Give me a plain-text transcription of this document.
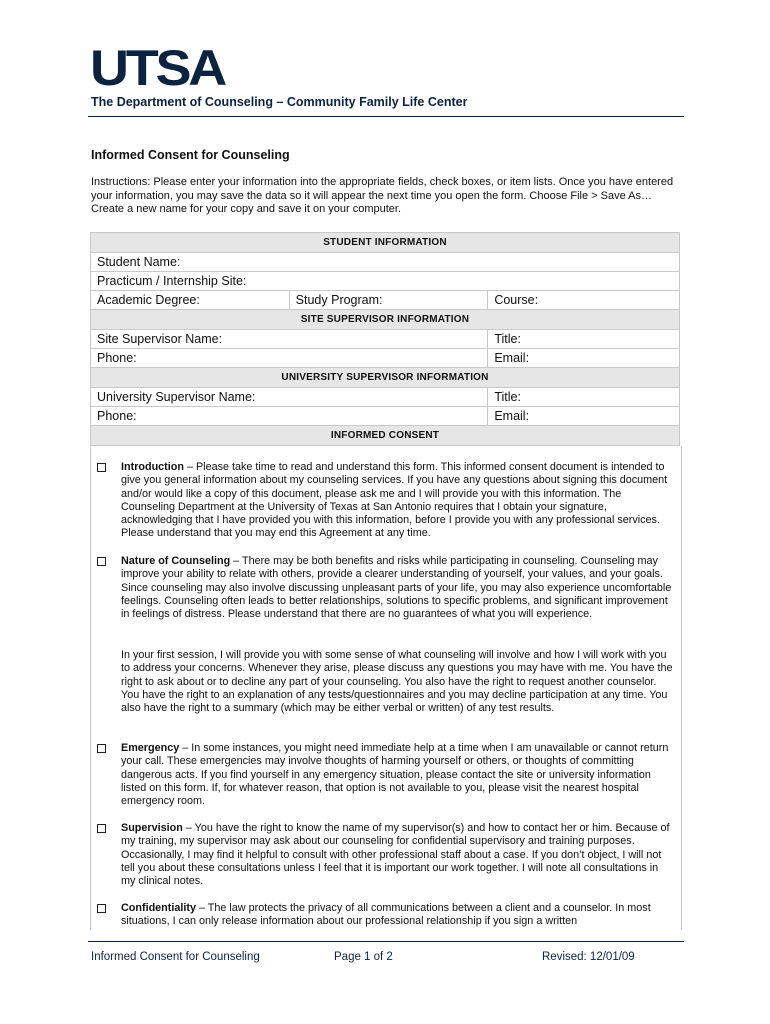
UTSA
The Department of Counseling – Community Family Life Center
Informed Consent for Counseling
Instructions: Please enter your information into the appropriate fields, check boxes, or item lists. Once you have entered your information, you may save the data so it will appear the next time you open the form. Choose File > Save As… Create a new name for your copy and save it on your computer.
STUDENT INFORMATION		
Student Name:		
Practicum / Internship Site:		
Academic Degree:	Study Program:	Course:
SITE SUPERVISOR INFORMATION		
Site Supervisor Name:		Title:
Phone:		Email:
UNIVERSITY SUPERVISOR INFORMATION		
University Supervisor Name:		Title:
Phone:		Email:
INFORMED CONSENT		

Introduction – Please take time to read and understand this form. This informed consent document is intended to give you general information about my counseling services. If you have any questions about signing this document and/or would like a copy of this document, please ask me and I will provide you with this information. The Counseling Department at the University of Texas at San Antonio requires that I obtain your signature, acknowledging that I have provided you with this information, before I provide you with any professional services. Please understand that you may end this Agreement at any time.

Nature of Counseling – There may be both benefits and risks while participating in counseling. Counseling may improve your ability to relate with others, provide a clearer understanding of yourself, your values, and your goals. Since counseling may also involve discussing unpleasant parts of your life, you may also experience uncomfortable feelings. Counseling often leads to better relationships, solutions to specific problems, and significant improvement in feelings of distress. Please understand that there are no guarantees of what you will experience.

In your first session, I will provide you with some sense of what counseling will involve and how I will work with you to address your concerns. Whenever they arise, please discuss any questions you may have with me. You have the right to ask about or to decline any part of your counseling. You also have the right to request another counselor. You have the right to an explanation of any tests/questionnaires and you may decline participation at any time. You also have the right to a summary (which may be either verbal or written) of any test results.

Emergency – In some instances, you might need immediate help at a time when I am unavailable or cannot return your call. These emergencies may involve thoughts of harming yourself or others, or thoughts of committing dangerous acts. If you find yourself in any emergency situation, please contact the site or university information listed on this form. If, for whatever reason, that option is not available to you, please visit the nearest hospital emergency room.

Supervision – You have the right to know the name of my supervisor(s) and how to contact her or him. Because of my training, my supervisor may ask about our counseling for confidential supervisory and training purposes. Occasionally, I may find it helpful to consult with other professional staff about a case. If you don’t object, I will not tell you about these consultations unless I feel that it is important our work together. I will note all consultations in my clinical notes.

Confidentiality – The law protects the privacy of all communications between a client and a counselor. In most situations, I can only release information about our professional relationship if you sign a written

Informed Consent for Counseling	Page 1 of 2	Revised: 12/01/09
